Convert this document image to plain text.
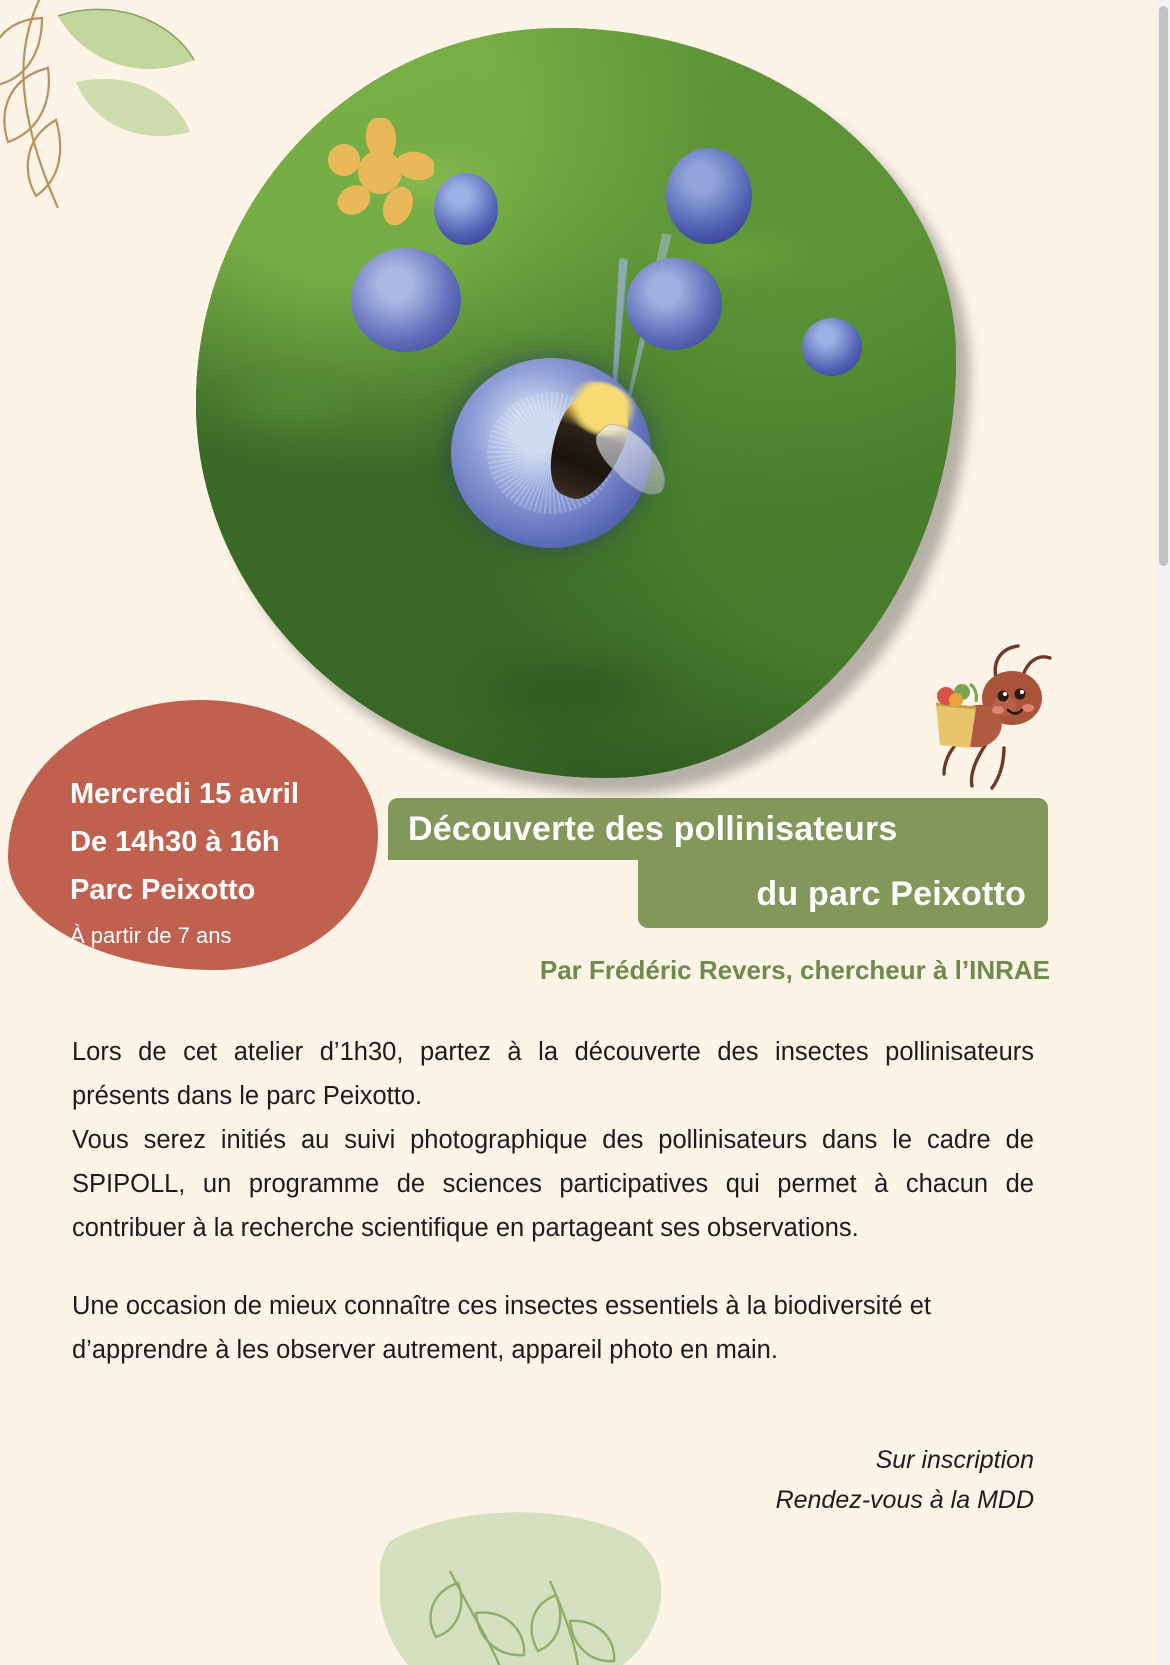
Mercredi 15 avril
De 14h30 à 16h
Parc Peixotto
À partir de 7 ans
Découverte des pollinisateurs
du parc Peixotto
Par Frédéric Revers, chercheur à l’INRAE

Lors de cet atelier d’1h30, partez à la découverte des insectes pollinisateurs présents dans le parc Peixotto.

Vous serez initiés au suivi photographique des pollinisateurs dans le cadre de SPIPOLL, un programme de sciences participatives qui permet à chacun de contribuer à la recherche scientifique en partageant ses observations.

Une occasion de mieux connaître ces insectes essentiels à la biodiversité et d’apprendre à les observer autrement, appareil photo en main.

Sur inscription
Rendez-vous à la MDD
